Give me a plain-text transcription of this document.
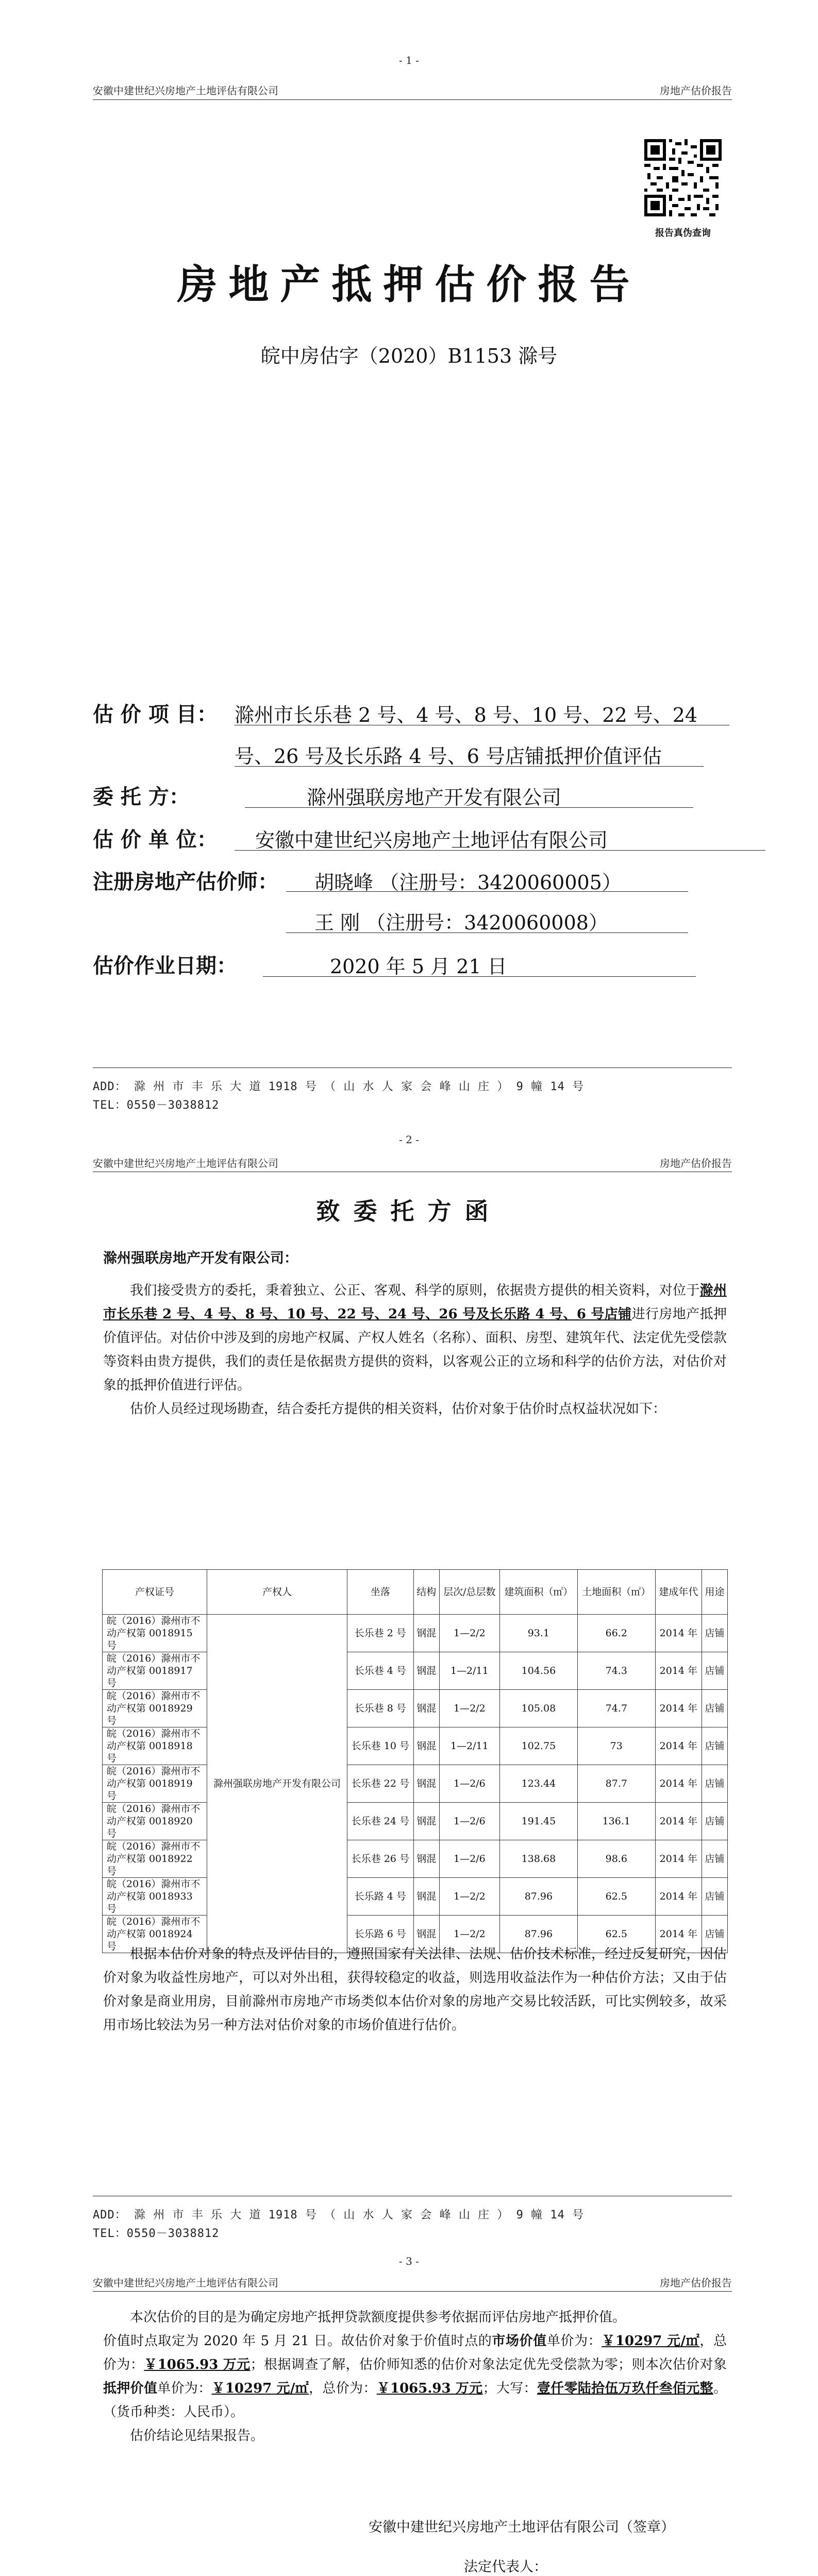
- 1 -
安徽中建世纪兴房地产土地评估有限公司	房地产估价报告
报告真伪查询
房地产抵押估价报告
皖中房估字（2020）B1153 滁号
估 价 项 目： 滁州市长乐巷 2 号、4 号、8 号、10 号、22 号、24
号、26 号及长乐路 4 号、6 号店铺抵押价值评估
委 托 方：	滁州强联房地产开发有限公司
估 价 单 位： 安徽中建世纪兴房地产土地评估有限公司
注册房地产估价师： 胡晓峰 （注册号：3420060005）
王 刚 （注册号：3420060008）
估价作业日期：	2020 年 5 月 21 日
ADD： 滁 州 市 丰 乐 大 道 1918 号 （ 山 水 人 家 会 峰 山 庄 ） 9 幢 14 号
TEL：0550－3038812
- 2 -
安徽中建世纪兴房地产土地评估有限公司	房地产估价报告
致委托方函
滁州强联房地产开发有限公司：
我们接受贵方的委托，秉着独立、公正、客观、科学的原则，依据贵方提供的相关资料，对位于滁州市长乐巷 2 号、4 号、8 号、10 号、22 号、24 号、26 号及长乐路 4 号、6 号店铺进行房地产抵押价值评估。对估价中涉及到的房地产权属、产权人姓名（名称）、面积、房型、建筑年代、法定优先受偿款等资料由贵方提供，我们的责任是依据贵方提供的资料，以客观公正的立场和科学的估价方法，对估价对象的抵押价值进行评估。
估价人员经过现场勘查，结合委托方提供的相关资料，估价对象于估价时点权益状况如下：
产权证号	产权人	坐落	结构	层次/总层数	建筑面积（㎡）	土地面积（㎡）	建成年代	用途
皖（2016）滁州市不动产权第 0018915 号	滁州强联房地产开发有限公司	长乐巷 2 号	钢混	1—2/2	93.1	66.2	2014 年	店铺
皖（2016）滁州市不动产权第 0018917 号		长乐巷 4 号	钢混	1—2/11	104.56	74.3	2014 年	店铺
皖（2016）滁州市不动产权第 0018929 号		长乐巷 8 号	钢混	1—2/2	105.08	74.7	2014 年	店铺
皖（2016）滁州市不动产权第 0018918 号		长乐巷 10 号	钢混	1—2/11	102.75	73	2014 年	店铺
皖（2016）滁州市不动产权第 0018919 号		长乐巷 22 号	钢混	1—2/6	123.44	87.7	2014 年	店铺
皖（2016）滁州市不动产权第 0018920 号		长乐巷 24 号	钢混	1—2/6	191.45	136.1	2014 年	店铺
皖（2016）滁州市不动产权第 0018922 号		长乐巷 26 号	钢混	1—2/6	138.68	98.6	2014 年	店铺
皖（2016）滁州市不动产权第 0018933 号		长乐路 4 号	钢混	1—2/2	87.96	62.5	2014 年	店铺
皖（2016）滁州市不动产权第 0018924 号		长乐路 6 号	钢混	1—2/2	87.96	62.5	2014 年	店铺
根据本估价对象的特点及评估目的，遵照国家有关法律、法规、估价技术标准，经过反复研究，因估价对象为收益性房地产，可以对外出租，获得较稳定的收益，则选用收益法作为一种估价方法；又由于估价对象是商业用房，目前滁州市房地产市场类似本估价对象的房地产交易比较活跃，可比实例较多，故采用市场比较法为另一种方法对估价对象的市场价值进行估价。
ADD： 滁 州 市 丰 乐 大 道 1918 号 （ 山 水 人 家 会 峰 山 庄 ） 9 幢 14 号
TEL：0550－3038812
- 3 -
安徽中建世纪兴房地产土地评估有限公司	房地产估价报告
本次估价的目的是为确定房地产抵押贷款额度提供参考依据而评估房地产抵押价值。
价值时点取定为 2020 年 5 月 21 日。故估价对象于价值时点的市场价值单价为：￥10297 元/㎡，总价为：￥1065.93 万元；根据调查了解，估价师知悉的估价对象法定优先受偿款为零；则本次估价对象抵押价值单价为：￥10297 元/㎡，总价为：￥1065.93 万元；大写：壹仟零陆拾伍万玖仟叁佰元整。（货币种类：人民币）。
估价结论见结果报告。
安徽中建世纪兴房地产土地评估有限公司（签章）
法定代表人：
